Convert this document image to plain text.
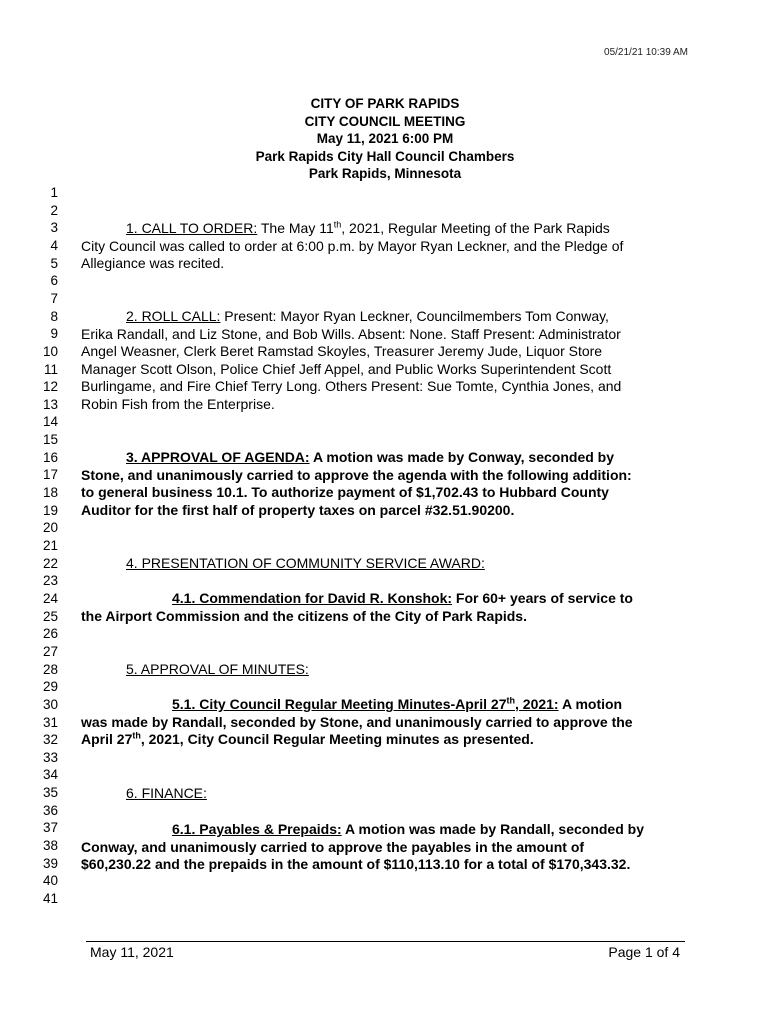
05/21/21 10:39 AM
CITY OF PARK RAPIDS
CITY COUNCIL MEETING
May 11, 2021 6:00 PM
Park Rapids City Hall Council Chambers
Park Rapids, Minnesota
1
2
3
4
5
6
7
8
9
10
11
12
13
14
15
16
17
18
19
20
21
22
23
24
25
26
27
28
29
30
31
32
33
34
35
36
37
38
39
40
41
1. CALL TO ORDER: The May 11th, 2021, Regular Meeting of the Park Rapids
City Council was called to order at 6:00 p.m. by Mayor Ryan Leckner, and the Pledge of
Allegiance was recited.
2. ROLL CALL: Present: Mayor Ryan Leckner, Councilmembers Tom Conway,
Erika Randall, and Liz Stone, and Bob Wills. Absent: None. Staff Present: Administrator
Angel Weasner, Clerk Beret Ramstad Skoyles, Treasurer Jeremy Jude, Liquor Store
Manager Scott Olson, Police Chief Jeff Appel, and Public Works Superintendent Scott
Burlingame, and Fire Chief Terry Long. Others Present: Sue Tomte, Cynthia Jones, and
Robin Fish from the Enterprise.
3. APPROVAL OF AGENDA: A motion was made by Conway, seconded by
Stone, and unanimously carried to approve the agenda with the following addition:
to general business 10.1. To authorize payment of $1,702.43 to Hubbard County
Auditor for the first half of property taxes on parcel #32.51.90200.
4. PRESENTATION OF COMMUNITY SERVICE AWARD:
4.1. Commendation for David R. Konshok: For 60+ years of service to
the Airport Commission and the citizens of the City of Park Rapids.
5. APPROVAL OF MINUTES:
5.1. City Council Regular Meeting Minutes-April 27th, 2021: A motion
was made by Randall, seconded by Stone, and unanimously carried to approve the
April 27th, 2021, City Council Regular Meeting minutes as presented.
6. FINANCE:
6.1. Payables & Prepaids: A motion was made by Randall, seconded by
Conway, and unanimously carried to approve the payables in the amount of
$60,230.22 and the prepaids in the amount of $110,113.10 for a total of $170,343.32.
May 11, 2021	Page 1 of 4
